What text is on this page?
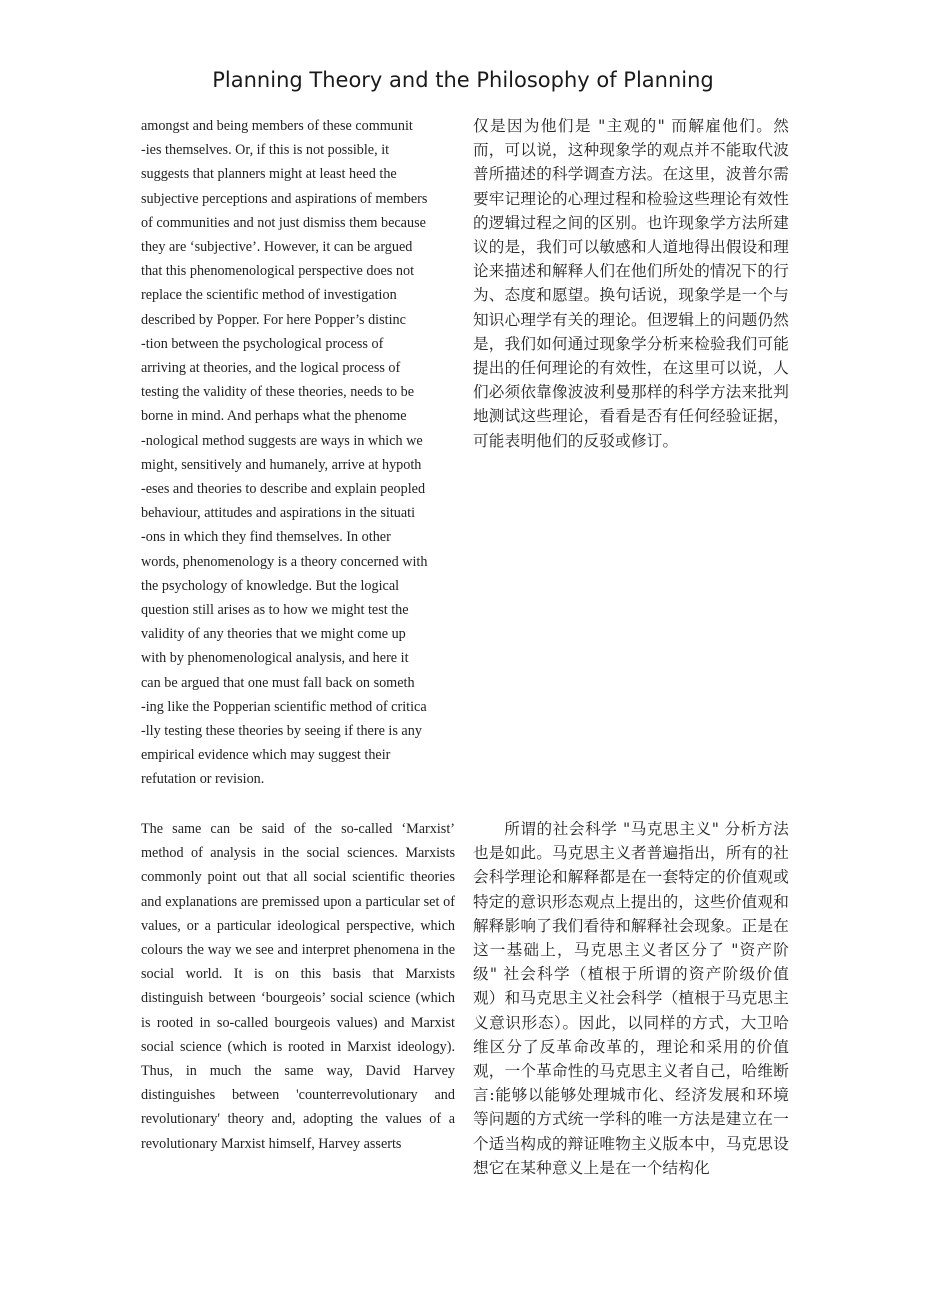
Planning Theory and the Philosophy of Planning
amongst and being members of these communit
-ies themselves. Or, if this is not possible, it
suggests that planners might at least heed the
subjective perceptions and aspirations of members
of communities and not just dismiss them because
they are ‘subjective’. However, it can be argued
that this phenomenological perspective does not
replace the scientific method of investigation
described by Popper. For here Popper’s distinc
-tion between the psychological process of
arriving at theories, and the logical process of
testing the validity of these theories, needs to be
borne in mind. And perhaps what the phenome
-nological method suggests are ways in which we
might, sensitively and humanely, arrive at hypoth
-eses and theories to describe and explain peopled
behaviour, attitudes and aspirations in the situati
-ons in which they find themselves. In other
words, phenomenology is a theory concerned with
the psychology of knowledge. But the logical
question still arises as to how we might test the
validity of any theories that we might come up
with by phenomenological analysis, and here it
can be argued that one must fall back on someth
-ing like the Popperian scientific method of critica
-lly testing these theories by seeing if there is any
empirical evidence which may suggest their
refutation or revision.
仅是因为他们是 "主观的" 而解雇他们。然而，可以说，这种现象学的观点并不能取代波普所描述的科学调查方法。在这里，波普尔需要牢记理论的心理过程和检验这些理论有效性的逻辑过程之间的区别。也许现象学方法所建议的是，我们可以敏感和人道地得出假设和理论来描述和解释人们在他们所处的情况下的行为、态度和愿望。换句话说，现象学是一个与知识心理学有关的理论。但逻辑上的问题仍然是，我们如何通过现象学分析来检验我们可能提出的任何理论的有效性，在这里可以说，人们必须依靠像波波利曼那样的科学方法来批判地测试这些理论，看看是否有任何经验证据，可能表明他们的反驳或修订。
The same can be said of the so-called ‘Marxist’ method of analysis in the social sciences. Marxists commonly point out that all social scientific theories and explanations are premissed upon a particular set of values, or a particular ideological perspective, which colours the way we see and interpret phenomena in the social world. It is on this basis that Marxists distinguish between ‘bourgeois’ social science (which is rooted in so-called bourgeois values) and Marxist social science (which is rooted in Marxist ideology). Thus, in much the same way, David Harvey distinguishes between 'counterrevolutionary and revolutionary' theory and, adopting the values of a revolutionary Marxist himself, Harvey asserts
所谓的社会科学 "马克思主义" 分析方法也是如此。马克思主义者普遍指出，所有的社会科学理论和解释都是在一套特定的价值观或特定的意识形态观点上提出的，这些价值观和解释影响了我们看待和解释社会现象。正是在这一基础上，马克思主义者区分了 "资产阶级" 社会科学（植根于所谓的资产阶级价值观）和马克思主义社会科学（植根于马克思主义意识形态）。因此，以同样的方式，大卫哈维区分了反革命改革的，理论和采用的价值观，一个革命性的马克思主义者自己，哈维断言:能够以能够处理城市化、经济发展和环境等问题的方式统一学科的唯一方法是建立在一个适当构成的辩证唯物主义版本中，马克思设想它在某种意义上是在一个结构化
